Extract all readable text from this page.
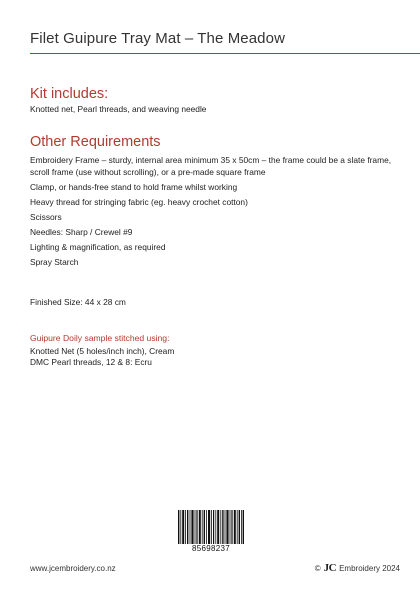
Filet Guipure Tray Mat – The Meadow
Kit includes:
Knotted net, Pearl threads, and weaving needle
Other Requirements
Embroidery Frame – sturdy, internal area minimum 35 x 50cm – the frame could be a slate frame, scroll frame (use without scrolling), or a pre-made square frame
Clamp, or hands-free stand to hold frame whilst working
Heavy thread for stringing fabric (eg. heavy crochet cotton)
Scissors
Needles: Sharp / Crewel #9
Lighting & magnification, as required
Spray Starch
Finished Size: 44 x 28 cm
Guipure Doily sample stitched using:
Knotted Net (5 holes/inch inch), Cream
DMC Pearl threads, 12 & 8: Ecru
85698237
www.jcembroidery.co.nz	© JC Embroidery 2024
